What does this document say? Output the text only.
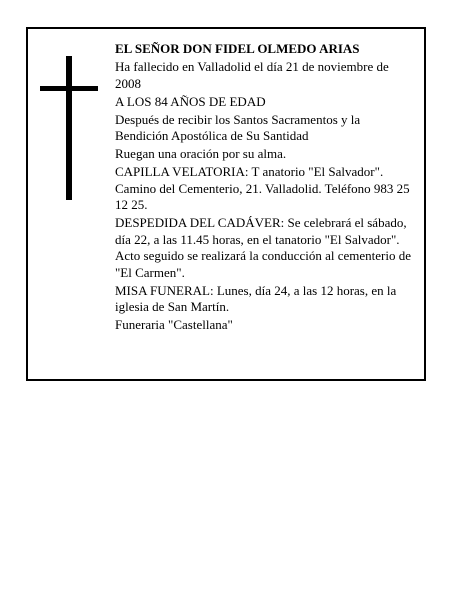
EL SEÑOR DON FIDEL OLMEDO ARIAS

Ha fallecido en Valladolid el día 21 de noviembre de 2008

A LOS 84 AÑOS DE EDAD

Después de recibir los Santos Sacramentos y la Bendición Apostólica de Su Santidad

Ruegan una oración por su alma.

CAPILLA VELATORIA: T anatorio "El Salvador". Camino del Cementerio, 21. Valladolid. Teléfono 983 25 12 25.

DESPEDIDA DEL CADÁVER: Se celebrará el sábado, día 22, a las 11.45 horas, en el tanatorio "El Salvador". Acto seguido se realizará la conducción al cementerio de "El Carmen".

MISA FUNERAL: Lunes, día 24, a las 12 horas, en la iglesia de San Martín.

Funeraria "Castellana"
